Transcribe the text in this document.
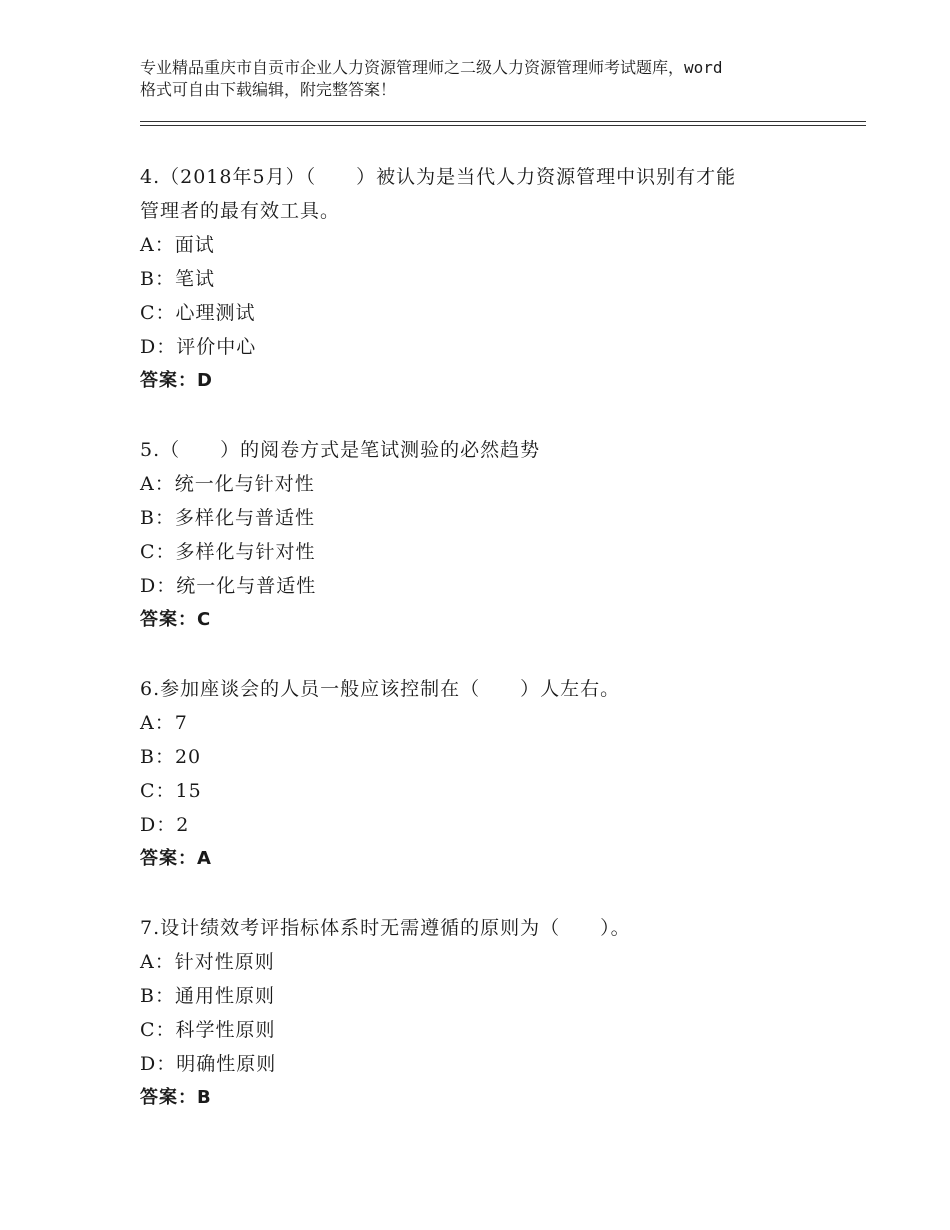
专业精品重庆市自贡市企业人力资源管理师之二级人力资源管理师考试题库，word
格式可自由下载编辑，附完整答案！
4.（2018年5月）（　　）被认为是当代人力资源管理中识别有才能
管理者的最有效工具。
A：面试
B：笔试
C：心理测试
D：评价中心
答案：D
5.（　　）的阅卷方式是笔试测验的必然趋势
A：统一化与针对性
B：多样化与普适性
C：多样化与针对性
D：统一化与普适性
答案：C
6.参加座谈会的人员一般应该控制在（　　）人左右。
A：7
B：20
C：15
D：2
答案：A
7.设计绩效考评指标体系时无需遵循的原则为（　　）。
A：针对性原则
B：通用性原则
C：科学性原则
D：明确性原则
答案：B
